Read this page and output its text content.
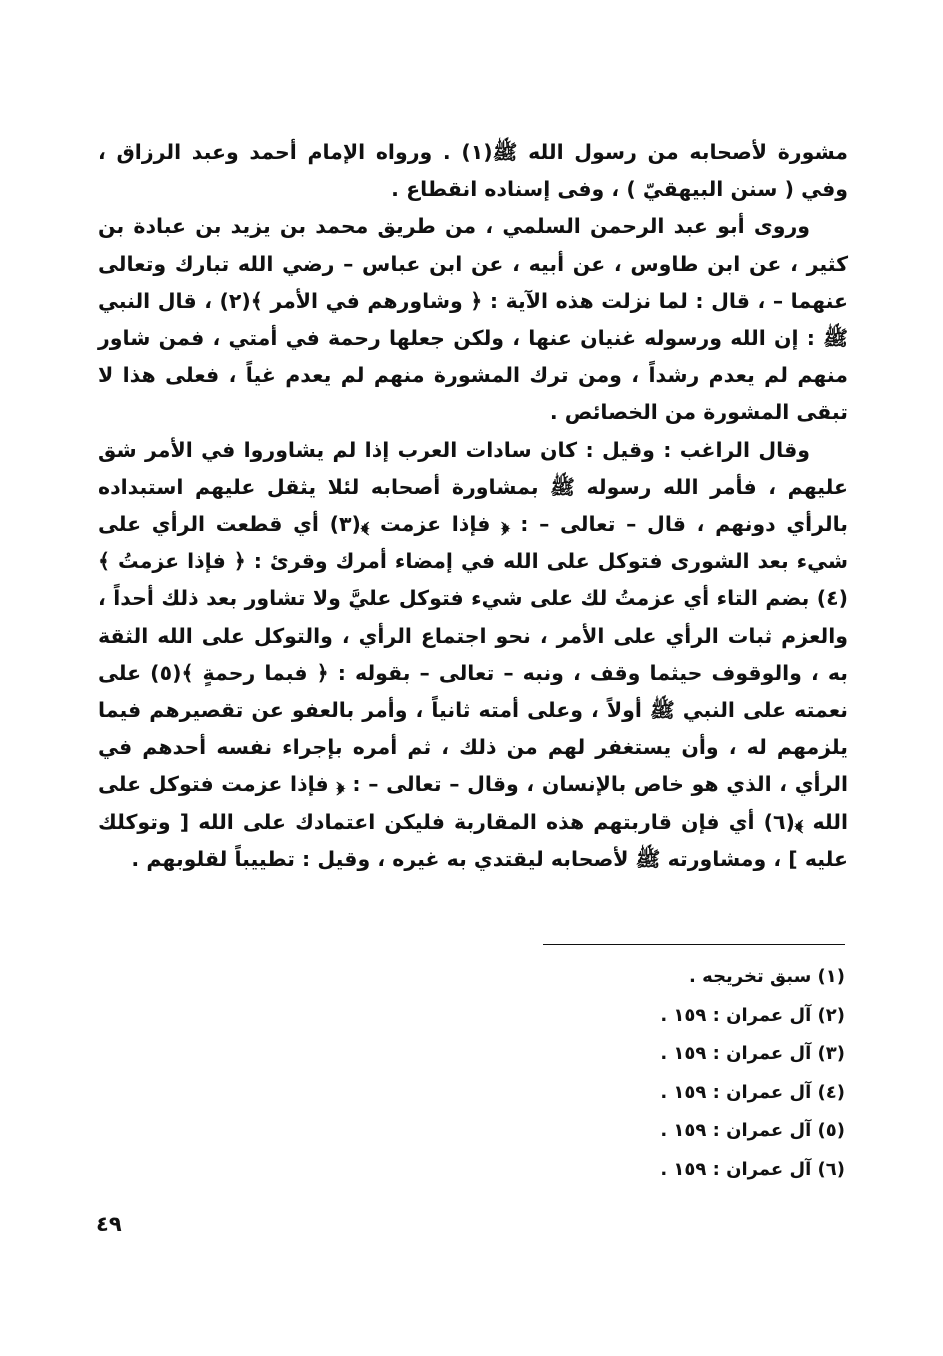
مشورة لأصحابه من رسول الله ﷺ(١) . ورواه الإمام أحمد وعبد الرزاق ، وفي ( سنن البيهقيّ ) ، وفى إسناده انقطاع .

وروى أبو عبد الرحمن السلمي ، من طريق محمد بن يزيد بن عبادة بن كثير ، عن ابن طاوس ، عن أبيه ، عن ابن عباس – رضي الله تبارك وتعالى عنهما – ، قال : لما نزلت هذه الآية : ﴿ وشاورهم في الأمر ﴾(٢) ، قال النبي ﷺ : إن الله ورسوله غنيان عنها ، ولكن جعلها رحمة في أمتي ، فمن شاور منهم لم يعدم رشداً ، ومن ترك المشورة منهم لم يعدم غياً ، فعلى هذا لا تبقى المشورة من الخصائص .

وقال الراغب : وقيل : كان سادات العرب إذا لم يشاوروا في الأمر شق عليهم ، فأمر الله رسوله ﷺ بمشاورة أصحابه لئلا يثقل عليهم استبداده بالرأي دونهم ، قال – تعالى – : ﴿ فإذا عزمت ﴾(٣) أي قطعت الرأي على شيء بعد الشورى فتوكل على الله في إمضاء أمرك وقرئ : ﴿ فإذا عزمتُ ﴾(٤) بضم التاء أي عزمتُ لك على شيء فتوكل عليَّ ولا تشاور بعد ذلك أحداً ، والعزم ثبات الرأي على الأمر ، نحو اجتماع الرأي ، والتوكل على الله الثقة به ، والوقوف حيثما وقف ، ونبه – تعالى – بقوله : ﴿ فبما رحمةٍ ﴾(٥) على نعمته على النبي ﷺ أولاً ، وعلى أمته ثانياً ، وأمر بالعفو عن تقصيرهم فيما يلزمهم له ، وأن يستغفر لهم من ذلك ، ثم أمره بإجراء نفسه أحدهم في الرأي ، الذي هو خاص بالإنسان ، وقال – تعالى – : ﴿ فإذا عزمت فتوكل على الله ﴾(٦) أي فإن قاربتهم هذه المقاربة فليكن اعتمادك على الله [ وتوكلك عليه ] ، ومشاورته ﷺ لأصحابه ليقتدي به غيره ، وقيل : تطييباً لقلوبهم .

(١) سبق تخريجه .
(٢) آل عمران : ١٥٩ .
(٣) آل عمران : ١٥٩ .
(٤) آل عمران : ١٥٩ .
(٥) آل عمران : ١٥٩ .
(٦) آل عمران : ١٥٩ .
٤٩
